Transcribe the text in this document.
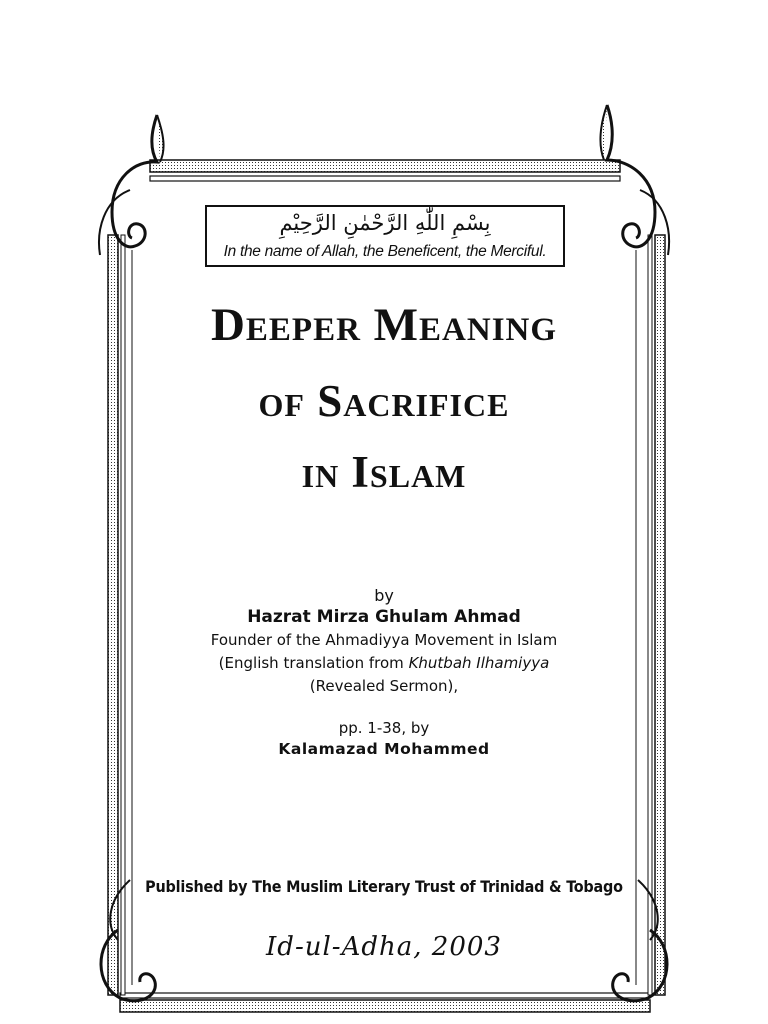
بِسْمِ اللّٰهِ الرَّحْمٰنِ الرَّحِيْمِ
In the name of Allah, the Beneficent, the Merciful.
Deeper Meaning
of Sacrifice
in Islam
by
Hazrat Mirza Ghulam Ahmad
Founder of the Ahmadiyya Movement in Islam
(English translation from Khutbah Ilhamiyya
(Revealed Sermon),
pp. 1-38, by
Kalamazad Mohammed
Published by The Muslim Literary Trust of Trinidad & Tobago
Id-ul-Adha, 2003
